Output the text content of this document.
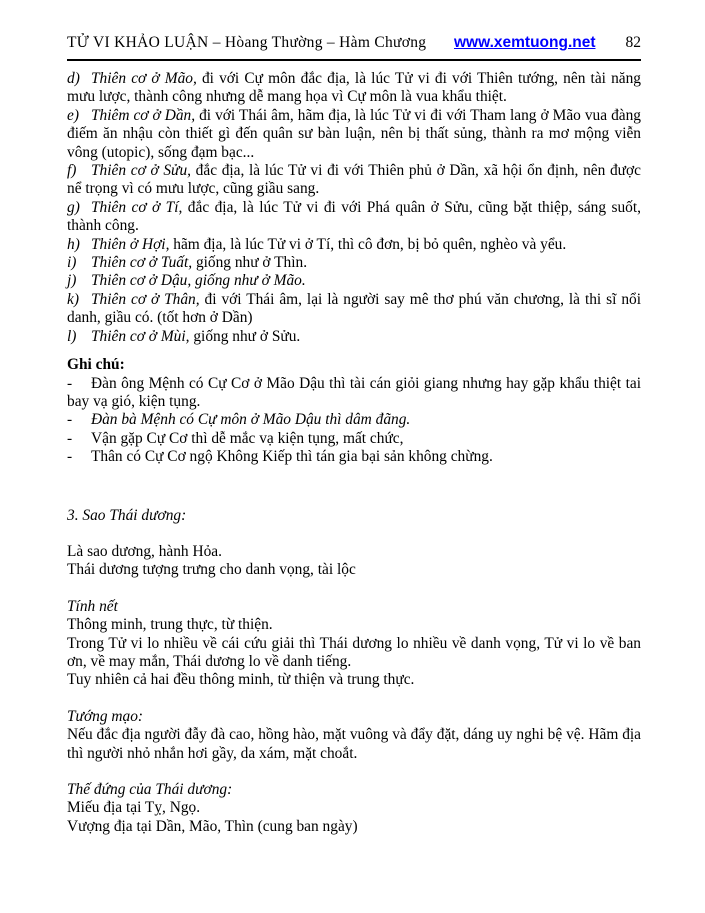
TỬ VI KHẢO LUẬN – Hòang Thường – Hàm Chương	www.xemtuong.net 82

d) Thiên cơ ở Mão, đi với Cự môn đắc địa, là lúc Tử vi đi với Thiên tướng, nên tài năng mưu lược, thành công nhưng dễ mang họa vì Cự môn là vua khẩu thiệt.

e) Thiêm cơ ở Dần, đi với Thái âm, hãm địa, là lúc Tử vi đi với Tham lang ở Mão vua đàng điếm ăn nhậu còn thiết gì đến quân sư bàn luận, nên bị thất sủng, thành ra mơ mộng viễn vông (utopic), sống đạm bạc...

f) Thiên cơ ở Sửu, đắc địa, là lúc Tử vi đi với Thiên phủ ở Dần, xã hội ổn định, nên được nể trọng vì có mưu lược, cũng giầu sang.

g) Thiên cơ ở Tí, đắc địa, là lúc Tử vi đi với Phá quân ở Sửu, cũng bặt thiệp, sáng suốt, thành công.

h) Thiên ở Hợi, hãm địa, là lúc Tử vi ở Tí, thì cô đơn, bị bỏ quên, nghèo và yểu.

i) Thiên cơ ở Tuất, giống như ở Thìn.

j) Thiên cơ ở Dậu, giống như ở Mão.

k) Thiên cơ ở Thân, đi với Thái âm, lại là người say mê thơ phú văn chương, là thi sĩ nổi danh, giầu có. (tốt hơn ở Dần)

l) Thiên cơ ở Mùi, giống như ở Sửu.

Ghi chú:

- Đàn ông Mệnh có Cự Cơ ở Mão Dậu thì tài cán giỏi giang nhưng hay gặp khẩu thiệt tai bay vạ gió, kiện tụng.

- Đàn bà Mệnh có Cự môn ở Mão Dậu thì dâm đãng.

- Vận gặp Cự Cơ thì dễ mắc vạ kiện tụng, mất chức,

- Thân có Cự Cơ ngộ Không Kiếp thì tán gia bại sản không chừng.

3. Sao Thái dương:

Là sao dương, hành Hỏa.

Thái dương tượng trưng cho danh vọng, tài lộc

Tính nết

Thông minh, trung thực, từ thiện.

Trong Tử vi lo nhiều về cái cứu giải thì Thái dương lo nhiều về danh vọng, Tử vi lo về ban ơn, về may mắn, Thái dương lo về danh tiếng.

Tuy nhiên cả hai đều thông minh, từ thiện và trung thực.

Tướng mạo:

Nếu đắc địa người đẫy đà cao, hồng hào, mặt vuông và đẩy đặt, dáng uy nghi bệ vệ. Hãm địa thì người nhỏ nhắn hơi gầy, da xám, mặt choắt.

Thế đứng của Thái dương:

Miếu địa tại Tỵ, Ngọ.

Vượng địa tại Dần, Mão, Thìn (cung ban ngày)
